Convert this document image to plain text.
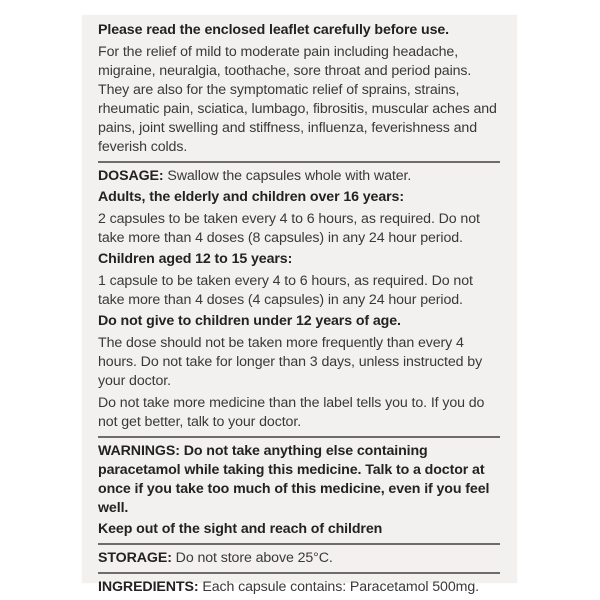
Please read the enclosed leaflet carefully before use.

For the relief of mild to moderate pain including headache, migraine, neuralgia, toothache, sore throat and period pains. They are also for the symptomatic relief of sprains, strains, rheumatic pain, sciatica, lumbago, fibrositis, muscular aches and pains, joint swelling and stiffness, influenza, feverishness and feverish colds.

DOSAGE: Swallow the capsules whole with water.

Adults, the elderly and children over 16 years:

2 capsules to be taken every 4 to 6 hours, as required. Do not take more than 4 doses (8 capsules) in any 24 hour period.

Children aged 12 to 15 years:

1 capsule to be taken every 4 to 6 hours, as required. Do not take more than 4 doses (4 capsules) in any 24 hour period.

Do not give to children under 12 years of age.

The dose should not be taken more frequently than every 4 hours. Do not take for longer than 3 days, unless instructed by your doctor.

Do not take more medicine than the label tells you to. If you do not get better, talk to your doctor.

WARNINGS: Do not take anything else containing paracetamol while taking this medicine. Talk to a doctor at once if you take too much of this medicine, even if you feel well.

Keep out of the sight and reach of children

STORAGE: Do not store above 25°C.

INGREDIENTS: Each capsule contains: Paracetamol 500mg.
